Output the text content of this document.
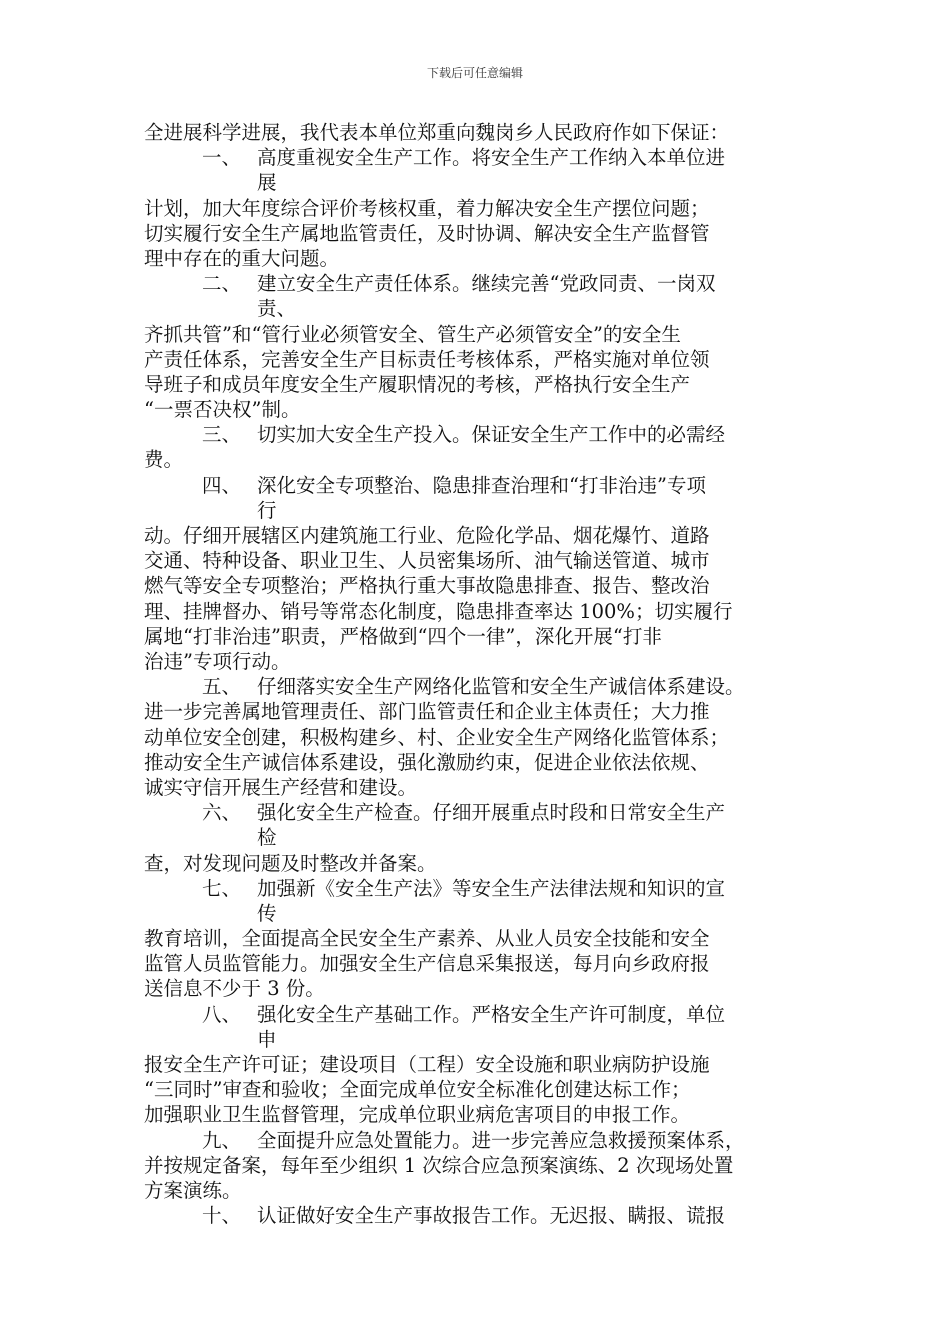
下载后可任意编辑
全进展科学进展，我代表本单位郑重向魏岗乡人民政府作如下保证：
一、 高度重视安全生产工作。将安全生产工作纳入本单位进
展
计划，加大年度综合评价考核权重，着力解决安全生产摆位问题；
切实履行安全生产属地监管责任，及时协调、解决安全生产监督管
理中存在的重大问题。
二、 建立安全生产责任体系。继续完善“党政同责、一岗双
责、
齐抓共管”和“管行业必须管安全、管生产必须管安全”的安全生
产责任体系，完善安全生产目标责任考核体系，严格实施对单位领
导班子和成员年度安全生产履职情况的考核，严格执行安全生产
“一票否决权”制。
三、 切实加大安全生产投入。保证安全生产工作中的必需经
费。
四、 深化安全专项整治、隐患排查治理和“打非治违”专项
行
动。仔细开展辖区内建筑施工行业、危险化学品、烟花爆竹、道路
交通、特种设备、职业卫生、人员密集场所、油气输送管道、城市
燃气等安全专项整治；严格执行重大事故隐患排查、报告、整改治
理、挂牌督办、销号等常态化制度，隐患排查率达 100%；切实履行
属地“打非治违”职责，严格做到“四个一律”，深化开展“打非
治违”专项行动。
五、 仔细落实安全生产网络化监管和安全生产诚信体系建设。
进一步完善属地管理责任、部门监管责任和企业主体责任；大力推
动单位安全创建，积极构建乡、村、企业安全生产网络化监管体系；
推动安全生产诚信体系建设，强化激励约束，促进企业依法依规、
诚实守信开展生产经营和建设。
六、 强化安全生产检查。仔细开展重点时段和日常安全生产
检
查，对发现问题及时整改并备案。
七、 加强新《安全生产法》等安全生产法律法规和知识的宣
传
教育培训，全面提高全民安全生产素养、从业人员安全技能和安全
监管人员监管能力。加强安全生产信息采集报送，每月向乡政府报
送信息不少于 3 份。
八、 强化安全生产基础工作。严格安全生产许可制度，单位
申
报安全生产许可证；建设项目（工程）安全设施和职业病防护设施
“三同时”审查和验收；全面完成单位安全标准化创建达标工作；
加强职业卫生监督管理，完成单位职业病危害项目的申报工作。
九、 全面提升应急处置能力。进一步完善应急救援预案体系，
并按规定备案，每年至少组织 1 次综合应急预案演练、2 次现场处置
方案演练。
十、 认证做好安全生产事故报告工作。无迟报、瞒报、谎报
